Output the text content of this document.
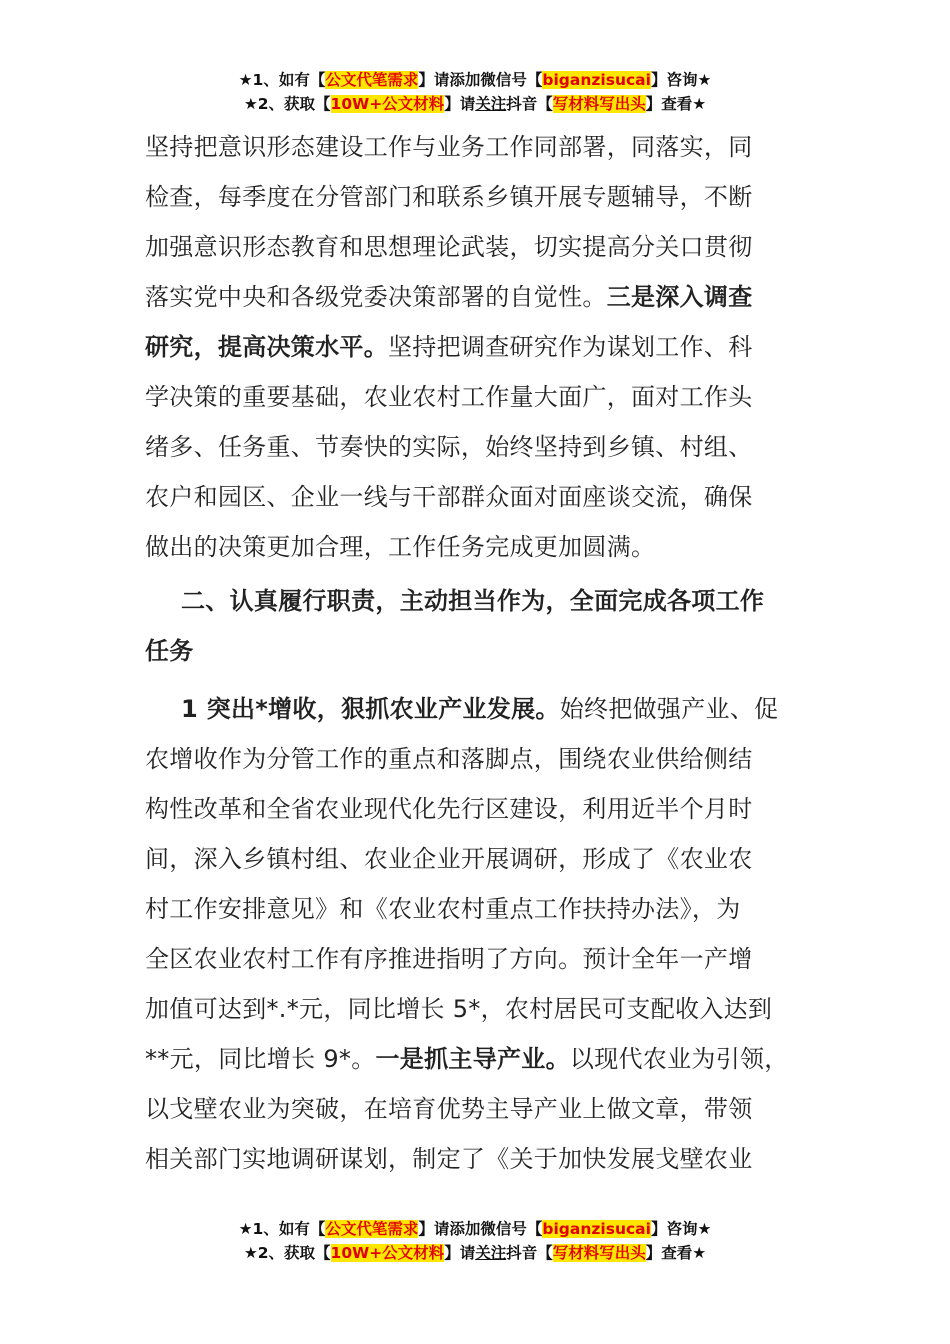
★1、如有【公文代笔需求】请添加微信号【biganzisucai】咨询★
★2、获取【10W+公文材料】请关注抖音【写材料写出头】查看★

坚持把意识形态建设工作与业务工作同部署，同落实，同
检查，每季度在分管部门和联系乡镇开展专题辅导，不断
加强意识形态教育和思想理论武装，切实提高分关口贯彻
落实党中央和各级党委决策部署的自觉性。三是深入调查
研究，提高决策水平。坚持把调查研究作为谋划工作、科
学决策的重要基础，农业农村工作量大面广，面对工作头
绪多、任务重、节奏快的实际，始终坚持到乡镇、村组、
农户和园区、企业一线与干部群众面对面座谈交流，确保
做出的决策更加合理，工作任务完成更加圆满。

二、认真履行职责，主动担当作为，全面完成各项工作
任务

1 突出*增收，狠抓农业产业发展。始终把做强产业、促
农增收作为分管工作的重点和落脚点，围绕农业供给侧结
构性改革和全省农业现代化先行区建设，利用近半个月时
间，深入乡镇村组、农业企业开展调研，形成了《农业农
村工作安排意见》和《农业农村重点工作扶持办法》，为
全区农业农村工作有序推进指明了方向。预计全年一产增
加值可达到*.*元，同比增长 5*，农村居民可支配收入达到
**元，同比增长 9*。一是抓主导产业。以现代农业为引领，
以戈壁农业为突破，在培育优势主导产业上做文章，带领
相关部门实地调研谋划，制定了《关于加快发展戈壁农业

★1、如有【公文代笔需求】请添加微信号【biganzisucai】咨询★
★2、获取【10W+公文材料】请关注抖音【写材料写出头】查看★
